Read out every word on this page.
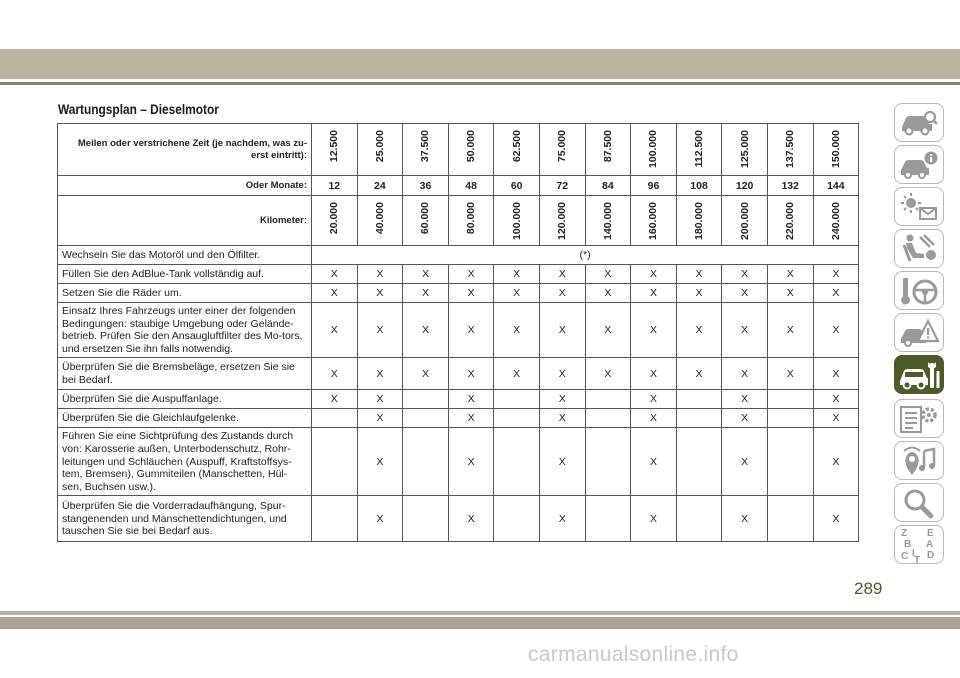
Wartungsplan – Dieselmotor
Meilen oder verstrichene Zeit (je nachdem, was zu-erst eintritt):	12.500	25.000	37.500	50.000	62.500	75.000	87.500	100.000	112.500	125.000	137.500	150.000

Oder Monate:	12	24	36	48	60	72	84	96	108	120	132	144
Kilometer:	20.000	40.000	60.000	80.000	100.000	120.000	140.000	160.000	180.000	200.000	220.000	240.000

Wechseln Sie das Motoröl und den Ölfilter.	(*)											
Füllen Sie den AdBlue-Tank vollständig auf.	X	X	X	X	X	X	X	X	X	X	X	X
Setzen Sie die Räder um.	X	X	X	X	X	X	X	X	X	X	X	X
Einsatz Ihres Fahrzeugs unter einer der folgenden Bedingungen: staubige Umgebung oder Gelände-betrieb. Prüfen Sie den Ansaugluftfilter des Mo-tors, und ersetzen Sie ihn falls notwendig.	X	X	X	X	X	X	X	X	X	X	X	X
Überprüfen Sie die Bremsbeläge, ersetzen Sie sie bei Bedarf.	X	X	X	X	X	X	X	X	X	X	X	X
Überprüfen Sie die Auspuffanlage.	X	X		X		X		X		X		X
Überprüfen Sie die Gleichlaufgelenke.		X		X		X		X		X		X
Führen Sie eine Sichtprüfung des Zustands durch von: Karosserie außen, Unterbodenschutz, Rohr-leitungen und Schläuchen (Auspuff, Kraftstoffsys-tem, Bremsen), Gummiteilen (Manschetten, Hül-sen, Buchsen usw.).		X		X		X		X		X		X
Überprüfen Sie die Vorderradaufhängung, Spur-stangenenden und Manschettendichtungen, und tauschen Sie sie bei Bedarf aus.		X		X		X		X		X		X
Z E
B A
I
C D
T
289
carmanualsonline.info
